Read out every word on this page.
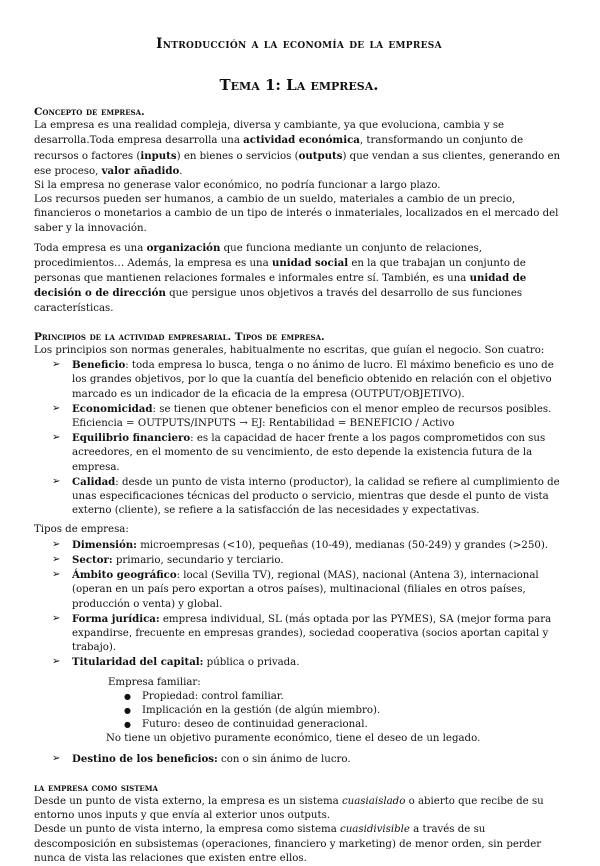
Introducción a la economía de la empresa
Tema 1: La empresa.

Concepto de empresa.

La empresa es una realidad compleja, diversa y cambiante, ya que evoluciona, cambia y se desarrolla.Toda empresa desarrolla una actividad económica, transformando un conjunto de recursos o factores (inputs) en bienes o servicios (outputs) que vendan a sus clientes, generando en ese proceso, valor añadido.

Si la empresa no generase valor económico, no podría funcionar a largo plazo.

Los recursos pueden ser humanos, a cambio de un sueldo, materiales a cambio de un precio, financieros o monetarios a cambio de un tipo de interés o inmateriales, localizados en el mercado del saber y la innovación.

Toda empresa es una organización que funciona mediante un conjunto de relaciones, procedimientos… Además, la empresa es una unidad social en la que trabajan un conjunto de personas que mantienen relaciones formales e informales entre sí. También, es una unidad de decisión o de dirección que persigue unos objetivos a través del desarrollo de sus funciones características.

Principios de la actividad empresarial. Tipos de empresa.

Los principios son normas generales, habitualmente no escritas, que guían el negocio. Son cuatro:

➢ Beneficio: toda empresa lo busca, tenga o no ánimo de lucro. El máximo beneficio es uno de los grandes objetivos, por lo que la cuantía del beneficio obtenido en relación con el objetivo marcado es un indicador de la eficacia de la empresa (OUTPUT/OBJETIVO).
➢ Economicidad: se tienen que obtener beneficios con el menor empleo de recursos posibles. Eficiencia = OUTPUTS/INPUTS → EJ: Rentabilidad = BENEFICIO / Activo
➢ Equilibrio financiero: es la capacidad de hacer frente a los pagos comprometidos con sus acreedores, en el momento de su vencimiento, de esto depende la existencia futura de la empresa.
➢ Calidad: desde un punto de vista interno (productor), la calidad se refiere al cumplimiento de unas especificaciones técnicas del producto o servicio, mientras que desde el punto de vista externo (cliente), se refiere a la satisfacción de las necesidades y expectativas.

Tipos de empresa:

➢ Dimensión: microempresas (<10), pequeñas (10-49), medianas (50-249) y grandes (>250).
➢ Sector: primario, secundario y terciario.
➢ Ámbito geográfico: local (Sevilla TV), regional (MAS), nacional (Antena 3), internacional (operan en un país pero exportan a otros países), multinacional (filiales en otros países, producción o venta) y global.
➢ Forma jurídica: empresa individual, SL (más optada por las PYMES), SA (mejor forma para expandirse, frecuente en empresas grandes), sociedad cooperativa (socios aportan capital y trabajo).
➢ Titularidad del capital: pública o privada.

Empresa familiar:

● Propiedad: control familiar.
● Implicación en la gestión (de algún miembro).
● Futuro: deseo de continuidad generacional.

No tiene un objetivo puramente económico, tiene el deseo de un legado.

➢ Destino de los beneficios: con o sin ánimo de lucro.

la empresa como sistema

Desde un punto de vista externo, la empresa es un sistema cuasiaislado o abierto que recibe de su entorno unos inputs y que envía al exterior unos outputs.

Desde un punto de vista interno, la empresa como sistema cuasidivisible a través de su descomposición en subsistemas (operaciones, financiero y marketing) de menor orden, sin perder nunca de vista las relaciones que existen entre ellos.
